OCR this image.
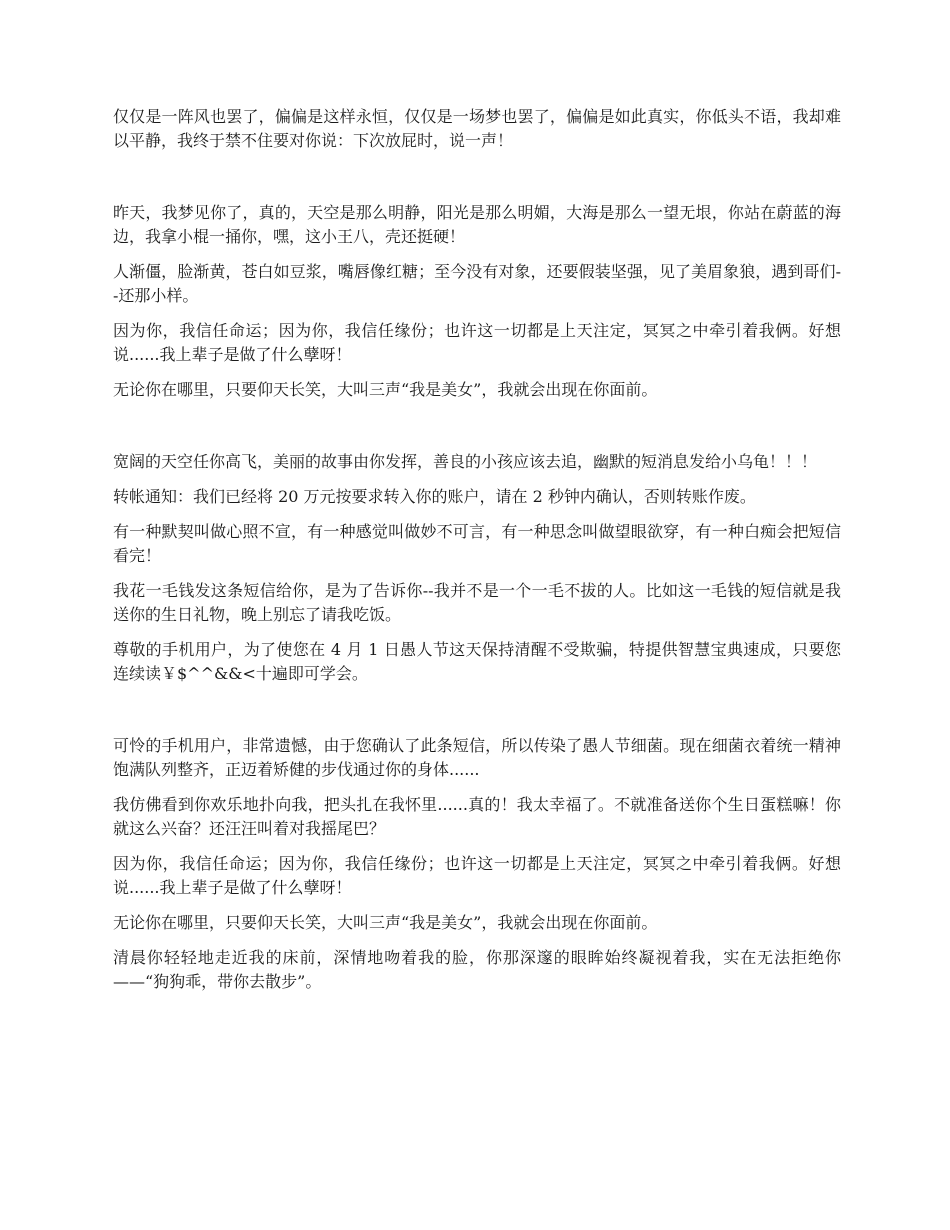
仅仅是一阵风也罢了，偏偏是这样永恒，仅仅是一场梦也罢了，偏偏是如此真实，你低头不语，我却难以平静，我终于禁不住要对你说：下次放屁时，说一声！

昨天，我梦见你了，真的，天空是那么明静，阳光是那么明媚，大海是那么一望无垠，你站在蔚蓝的海边，我拿小棍一捅你，嘿，这小王八，壳还挺硬！

人渐僵，脸渐黄，苍白如豆浆，嘴唇像红糖；至今没有对象，还要假装坚强，见了美眉象狼，遇到哥们--还那小样。

因为你，我信任命运；因为你，我信任缘份；也许这一切都是上天注定，冥冥之中牵引着我俩。好想说......我上辈子是做了什么孽呀！

无论你在哪里，只要仰天长笑，大叫三声“我是美女”，我就会出现在你面前。

宽阔的天空任你高飞，美丽的故事由你发挥，善良的小孩应该去追，幽默的短消息发给小乌龟！！！

转帐通知：我们已经将 20 万元按要求转入你的账户，请在 2 秒钟内确认，否则转账作废。

有一种默契叫做心照不宣，有一种感觉叫做妙不可言，有一种思念叫做望眼欲穿，有一种白痴会把短信看完！

我花一毛钱发这条短信给你，是为了告诉你--我并不是一个一毛不拔的人。比如这一毛钱的短信就是我送你的生日礼物，晚上别忘了请我吃饭。

尊敬的手机用户，为了使您在 4 月 1 日愚人节这天保持清醒不受欺骗，特提供智慧宝典速成，只要您连续读￥$^^&&<十遍即可学会。

可怜的手机用户，非常遗憾，由于您确认了此条短信，所以传染了愚人节细菌。现在细菌衣着统一精神饱满队列整齐，正迈着矫健的步伐通过你的身体......

我仿佛看到你欢乐地扑向我，把头扎在我怀里......真的！我太幸福了。不就准备送你个生日蛋糕嘛！你就这么兴奋？还汪汪叫着对我摇尾巴？

因为你，我信任命运；因为你，我信任缘份；也许这一切都是上天注定，冥冥之中牵引着我俩。好想说......我上辈子是做了什么孽呀！

无论你在哪里，只要仰天长笑，大叫三声“我是美女”，我就会出现在你面前。

清晨你轻轻地走近我的床前，深情地吻着我的脸，你那深邃的眼眸始终凝视着我，实在无法拒绝你——“狗狗乖，带你去散步”。
